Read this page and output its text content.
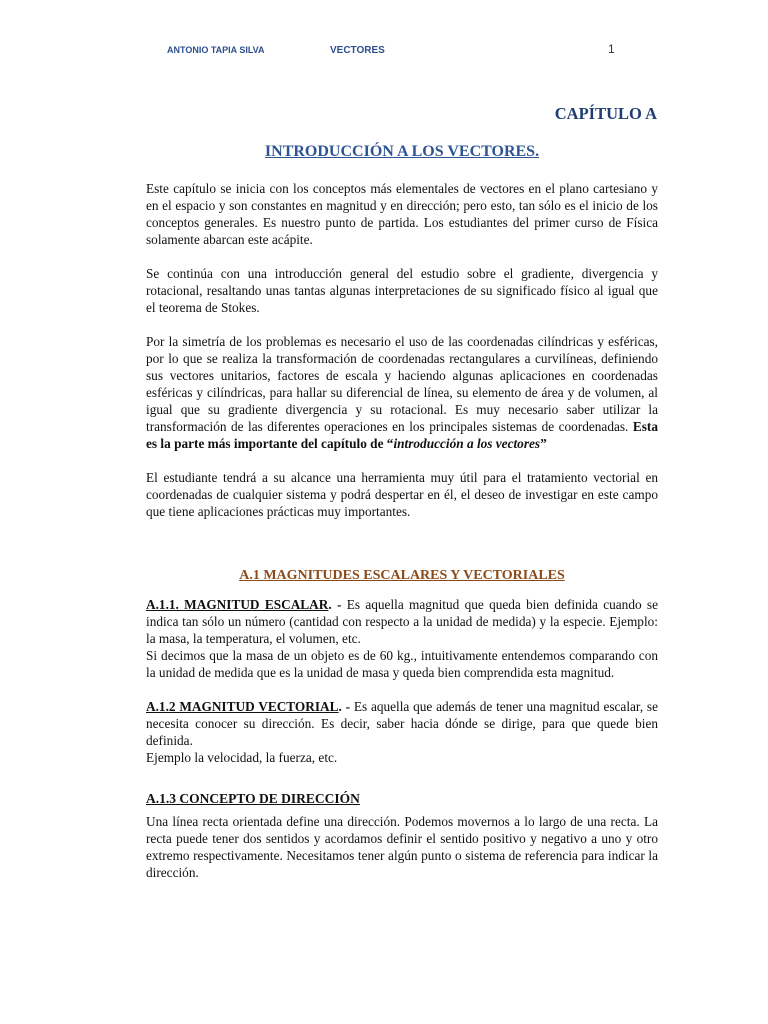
ANTONIO TAPIA SILVA	VECTORES	1
CAPÍTULO A
INTRODUCCIÓN A LOS VECTORES.

Este capítulo se inicia con los conceptos más elementales de vectores en el plano cartesiano y en el espacio y son constantes en magnitud y en dirección; pero esto, tan sólo es el inicio de los conceptos generales. Es nuestro punto de partida. Los estudiantes del primer curso de Física solamente abarcan este acápite.

Se continúa con una introducción general del estudio sobre el gradiente, divergencia y rotacional, resaltando unas tantas algunas interpretaciones de su significado físico al igual que el teorema de Stokes.

Por la simetría de los problemas es necesario el uso de las coordenadas cilíndricas y esféricas, por lo que se realiza la transformación de coordenadas rectangulares a curvilíneas, definiendo sus vectores unitarios, factores de escala y haciendo algunas aplicaciones en coordenadas esféricas y cilíndricas, para hallar su diferencial de línea, su elemento de área y de volumen, al igual que su gradiente divergencia y su rotacional. Es muy necesario saber utilizar la transformación de las diferentes operaciones en los principales sistemas de coordenadas. Esta es la parte más importante del capítulo de “introducción a los vectores”

El estudiante tendrá a su alcance una herramienta muy útil para el tratamiento vectorial en coordenadas de cualquier sistema y podrá despertar en él, el deseo de investigar en este campo que tiene aplicaciones prácticas muy importantes.

A.1 MAGNITUDES ESCALARES Y VECTORIALES

A.1.1. MAGNITUD ESCALAR. - Es aquella magnitud que queda bien definida cuando se indica tan sólo un número (cantidad con respecto a la unidad de medida) y la especie. Ejemplo: la masa, la temperatura, el volumen, etc.

Si decimos que la masa de un objeto es de 60 kg., intuitivamente entendemos comparando con la unidad de medida que es la unidad de masa y queda bien comprendida esta magnitud.

A.1.2 MAGNITUD VECTORIAL. - Es aquella que además de tener una magnitud escalar, se necesita conocer su dirección. Es decir, saber hacia dónde se dirige, para que quede bien definida.

Ejemplo la velocidad, la fuerza, etc.

A.1.3 CONCEPTO DE DIRECCIÓN

Una línea recta orientada define una dirección. Podemos movernos a lo largo de una recta. La recta puede tener dos sentidos y acordamos definir el sentido positivo y negativo a uno y otro extremo respectivamente. Necesitamos tener algún punto o sistema de referencia para indicar la dirección.
